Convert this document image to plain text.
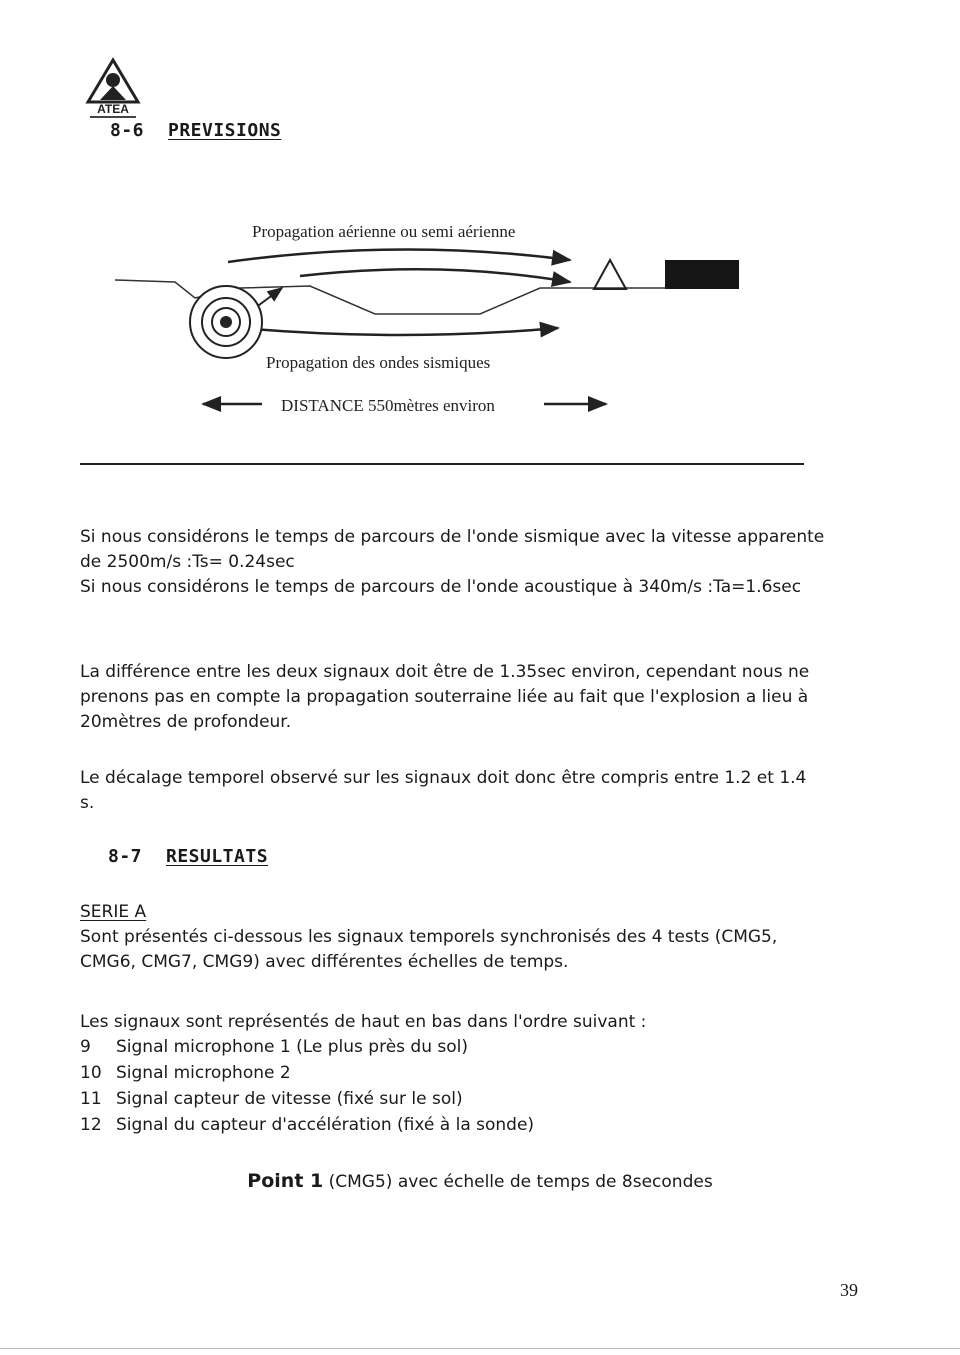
ATEA
8-6 PREVISIONS
Propagation aérienne ou semi aérienne
Propagation des ondes sismiques
DISTANCE 550mètres environ

Si nous considérons le temps de parcours de l'onde sismique avec la vitesse apparente

de 2500m/s :Ts= 0.24sec

Si nous considérons le temps de parcours de l'onde acoustique à 340m/s :Ta=1.6sec

La différence entre les deux signaux doit être de 1.35sec environ, cependant nous ne

prenons pas en compte la propagation souterraine liée au fait que l'explosion a lieu à

20mètres de profondeur.

Le décalage temporel observé sur les signaux doit donc être compris entre 1.2 et 1.4

s.

8-7 RESULTATS

SERIE A

Sont présentés ci-dessous les signaux temporels synchronisés des 4 tests (CMG5,

CMG6, CMG7, CMG9) avec différentes échelles de temps.

Les signaux sont représentés de haut en bas dans l'ordre suivant :
9	Signal microphone 1 (Le plus près du sol)
10 Signal microphone 2
11 Signal capteur de vitesse (fixé sur le sol)
12 Signal du capteur d'accélération (fixé à la sonde)
Point 1 (CMG5) avec échelle de temps de 8secondes
39
